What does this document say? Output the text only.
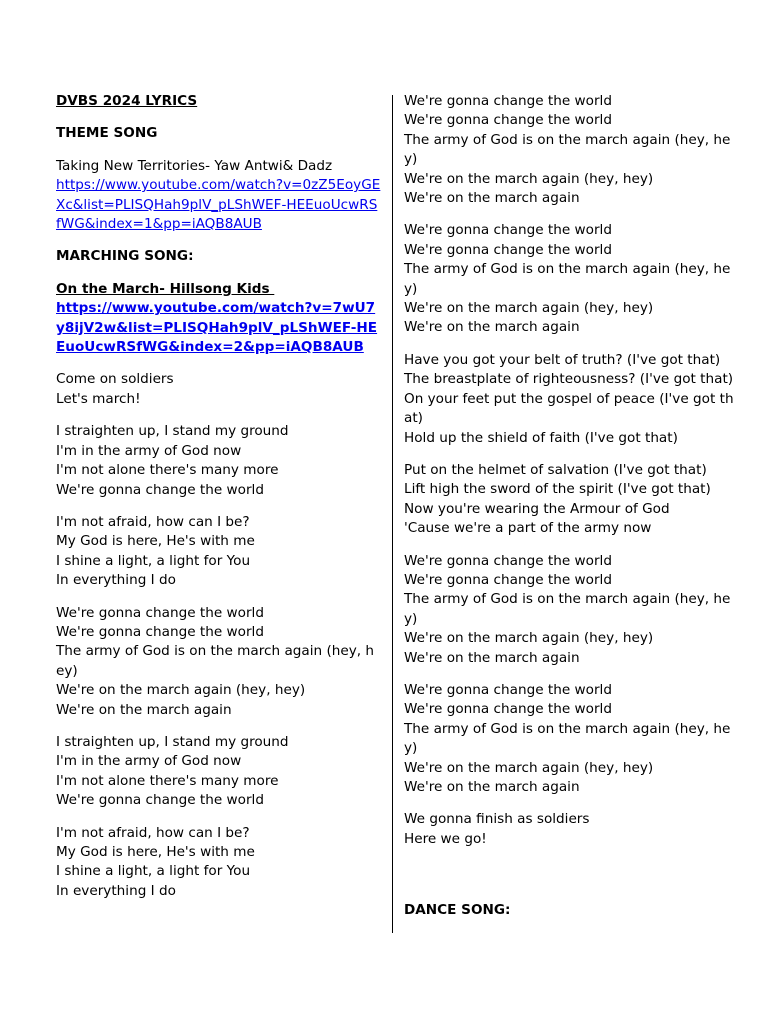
DVBS 2024 LYRICS
THEME SONG
Taking New Territories- Yaw Antwi& Dadz
https://www.youtube.com/watch?v=0zZ5EoyGEXc&list=PLISQHah9plV_pLShWEF-HEEuoUcwRSfWG&index=1&pp=iAQB8AUB
MARCHING SONG:
On the March- Hillsong Kids
https://www.youtube.com/watch?v=7wU7y8ijV2w&list=PLISQHah9plV_pLShWEF-HEEuoUcwRSfWG&index=2&pp=iAQB8AUB
Come on soldiers
Let's march!
I straighten up, I stand my ground
I'm in the army of God now
I'm not alone there's many more
We're gonna change the world
I'm not afraid, how can I be?
My God is here, He's with me
I shine a light, a light for You
In everything I do
We're gonna change the world
We're gonna change the world
The army of God is on the march again (hey, hey)
We're on the march again (hey, hey)
We're on the march again
I straighten up, I stand my ground
I'm in the army of God now
I'm not alone there's many more
We're gonna change the world
I'm not afraid, how can I be?
My God is here, He's with me
I shine a light, a light for You
In everything I do
We're gonna change the world
We're gonna change the world
The army of God is on the march again (hey, hey)
We're on the march again (hey, hey)
We're on the march again
We're gonna change the world
We're gonna change the world
The army of God is on the march again (hey, hey)
We're on the march again (hey, hey)
We're on the march again
Have you got your belt of truth? (I've got that)
The breastplate of righteousness? (I've got that)
On your feet put the gospel of peace (I've got that)
Hold up the shield of faith (I've got that)
Put on the helmet of salvation (I've got that)
Lift high the sword of the spirit (I've got that)
Now you're wearing the Armour of God
'Cause we're a part of the army now
We're gonna change the world
We're gonna change the world
The army of God is on the march again (hey, hey)
We're on the march again (hey, hey)
We're on the march again
We're gonna change the world
We're gonna change the world
The army of God is on the march again (hey, hey)
We're on the march again (hey, hey)
We're on the march again
We gonna finish as soldiers
Here we go!
DANCE SONG:
